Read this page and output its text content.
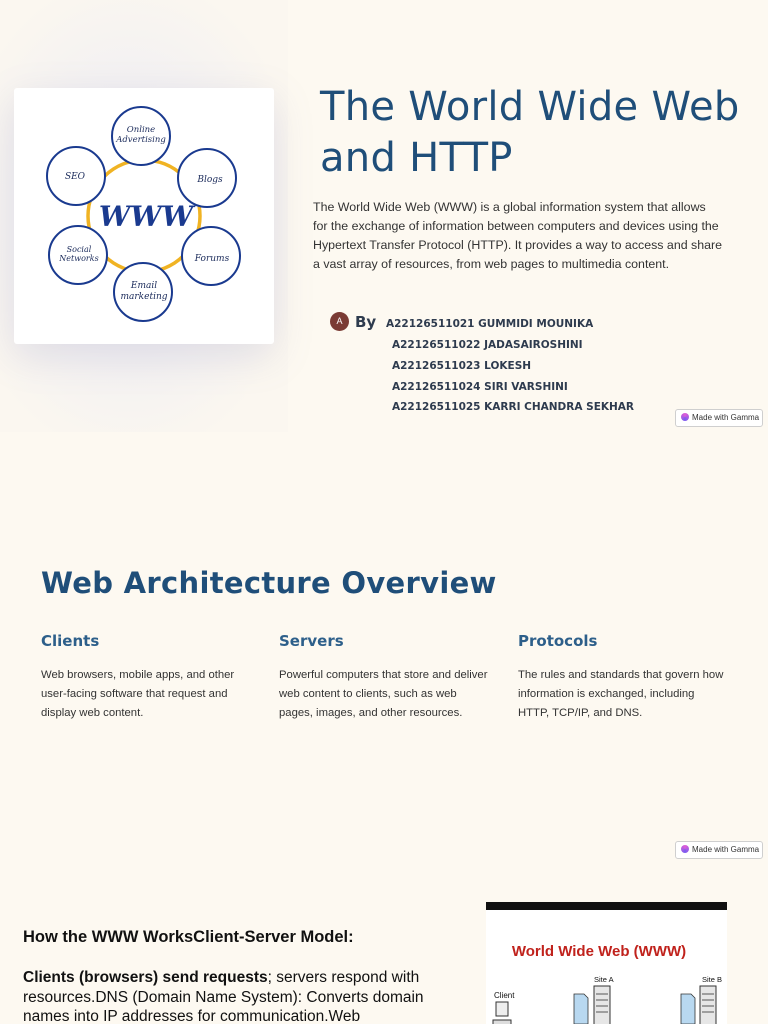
WWW
Online
Advertising
Blogs
Forums
Email
marketing
Social
Networks
SEO
The World Wide Web and HTTP

The World Wide Web (WWW) is a global information system that allows for the exchange of information between computers and devices using the Hypertext Transfer Protocol (HTTP). It provides a way to access and share a vast array of resources, from web pages to multimedia content.

A By A22126511021 GUMMIDI MOUNIKA
A22126511022 JADASAIROSHINI
A22126511023 LOKESH
A22126511024 SIRI VARSHINI
A22126511025 KARRI CHANDRA SEKHAR
Made with Gamma
Web Architecture Overview
Clients

Web browsers, mobile apps, and other user-facing software that request and display web content.

Servers

Powerful computers that store and deliver web content to clients, such as web pages, images, and other resources.

Protocols

The rules and standards that govern how information is exchanged, including HTTP, TCP/IP, and DNS.

Made with Gamma
How the WWW WorksClient-Server Model:

Clients (browsers) send requests; servers respond with resources.DNS (Domain Name System): Converts domain names into IP addresses for communication.Web

World Wide Web (WWW)
Client
Site A	Site B
